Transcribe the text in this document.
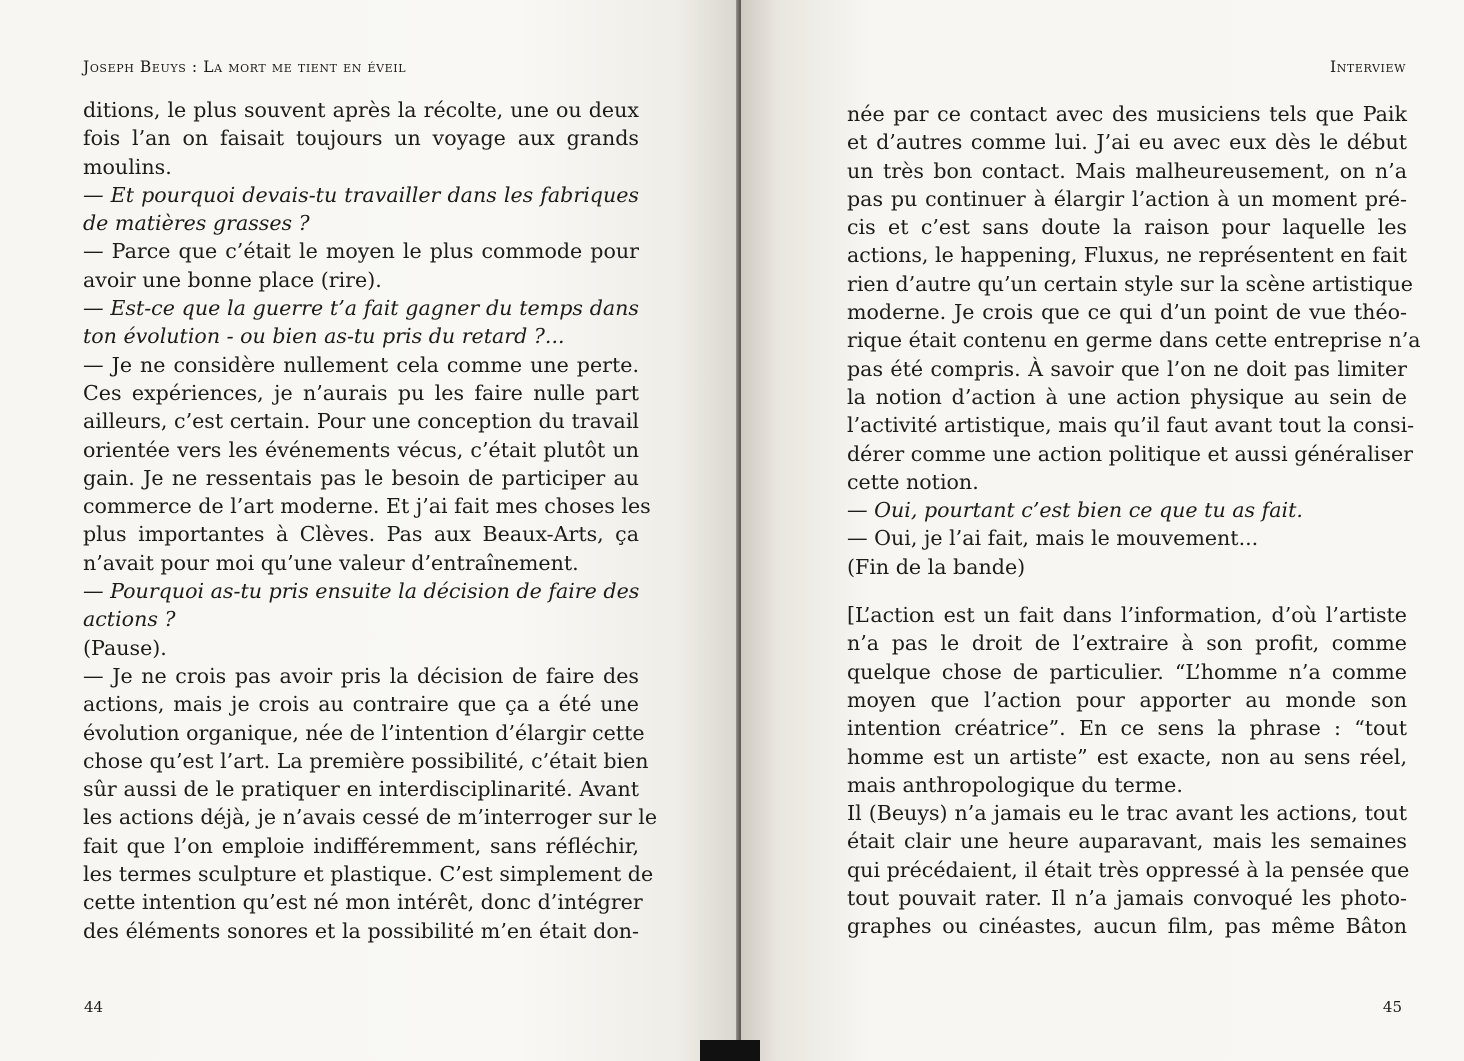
Joseph Beuys : La mort me tient en éveil
ditions, le plus souvent après la récolte, une ou deux
fois l’an on faisait toujours un voyage aux grands
moulins.
— Et pourquoi devais-tu travailler dans les fabriques
de matières grasses ?
— Parce que c’était le moyen le plus commode pour
avoir une bonne place (rire).
— Est-ce que la guerre t’a fait gagner du temps dans
ton évolution - ou bien as-tu pris du retard ?...
— Je ne considère nullement cela comme une perte.
Ces expériences, je n’aurais pu les faire nulle part
ailleurs, c’est certain. Pour une conception du travail
orientée vers les événements vécus, c’était plutôt un
gain. Je ne ressentais pas le besoin de participer au
commerce de l’art moderne. Et j’ai fait mes choses les
plus importantes à Clèves. Pas aux Beaux-Arts, ça
n’avait pour moi qu’une valeur d’entraînement.
— Pourquoi as-tu pris ensuite la décision de faire des
actions ?
(Pause).
— Je ne crois pas avoir pris la décision de faire des
actions, mais je crois au contraire que ça a été une
évolution organique, née de l’intention d’élargir cette
chose qu’est l’art. La première possibilité, c’était bien
sûr aussi de le pratiquer en interdisciplinarité. Avant
les actions déjà, je n’avais cessé de m’interroger sur le
fait que l’on emploie indifféremment, sans réfléchir,
les termes sculpture et plastique. C’est simplement de
cette intention qu’est né mon intérêt, donc d’intégrer
des éléments sonores et la possibilité m’en était don-
44
Interview
née par ce contact avec des musiciens tels que Paik
et d’autres comme lui. J’ai eu avec eux dès le début
un très bon contact. Mais malheureusement, on n’a
pas pu continuer à élargir l’action à un moment pré-
cis et c’est sans doute la raison pour laquelle les
actions, le happening, Fluxus, ne représentent en fait
rien d’autre qu’un certain style sur la scène artistique
moderne. Je crois que ce qui d’un point de vue théo-
rique était contenu en germe dans cette entreprise n’a
pas été compris. À savoir que l’on ne doit pas limiter
la notion d’action à une action physique au sein de
l’activité artistique, mais qu’il faut avant tout la consi-
dérer comme une action politique et aussi généraliser
cette notion.
— Oui, pourtant c’est bien ce que tu as fait.
— Oui, je l’ai fait, mais le mouvement...
(Fin de la bande)

[L’action est un fait dans l’information, d’où l’artiste
n’a pas le droit de l’extraire à son profit, comme
quelque chose de particulier. “L’homme n’a comme
moyen que l’action pour apporter au monde son
intention créatrice”. En ce sens la phrase : “tout
homme est un artiste” est exacte, non au sens réel,
mais anthropologique du terme.
Il (Beuys) n’a jamais eu le trac avant les actions, tout
était clair une heure auparavant, mais les semaines
qui précédaient, il était très oppressé à la pensée que
tout pouvait rater. Il n’a jamais convoqué les photo-
graphes ou cinéastes, aucun film, pas même Bâton
45
